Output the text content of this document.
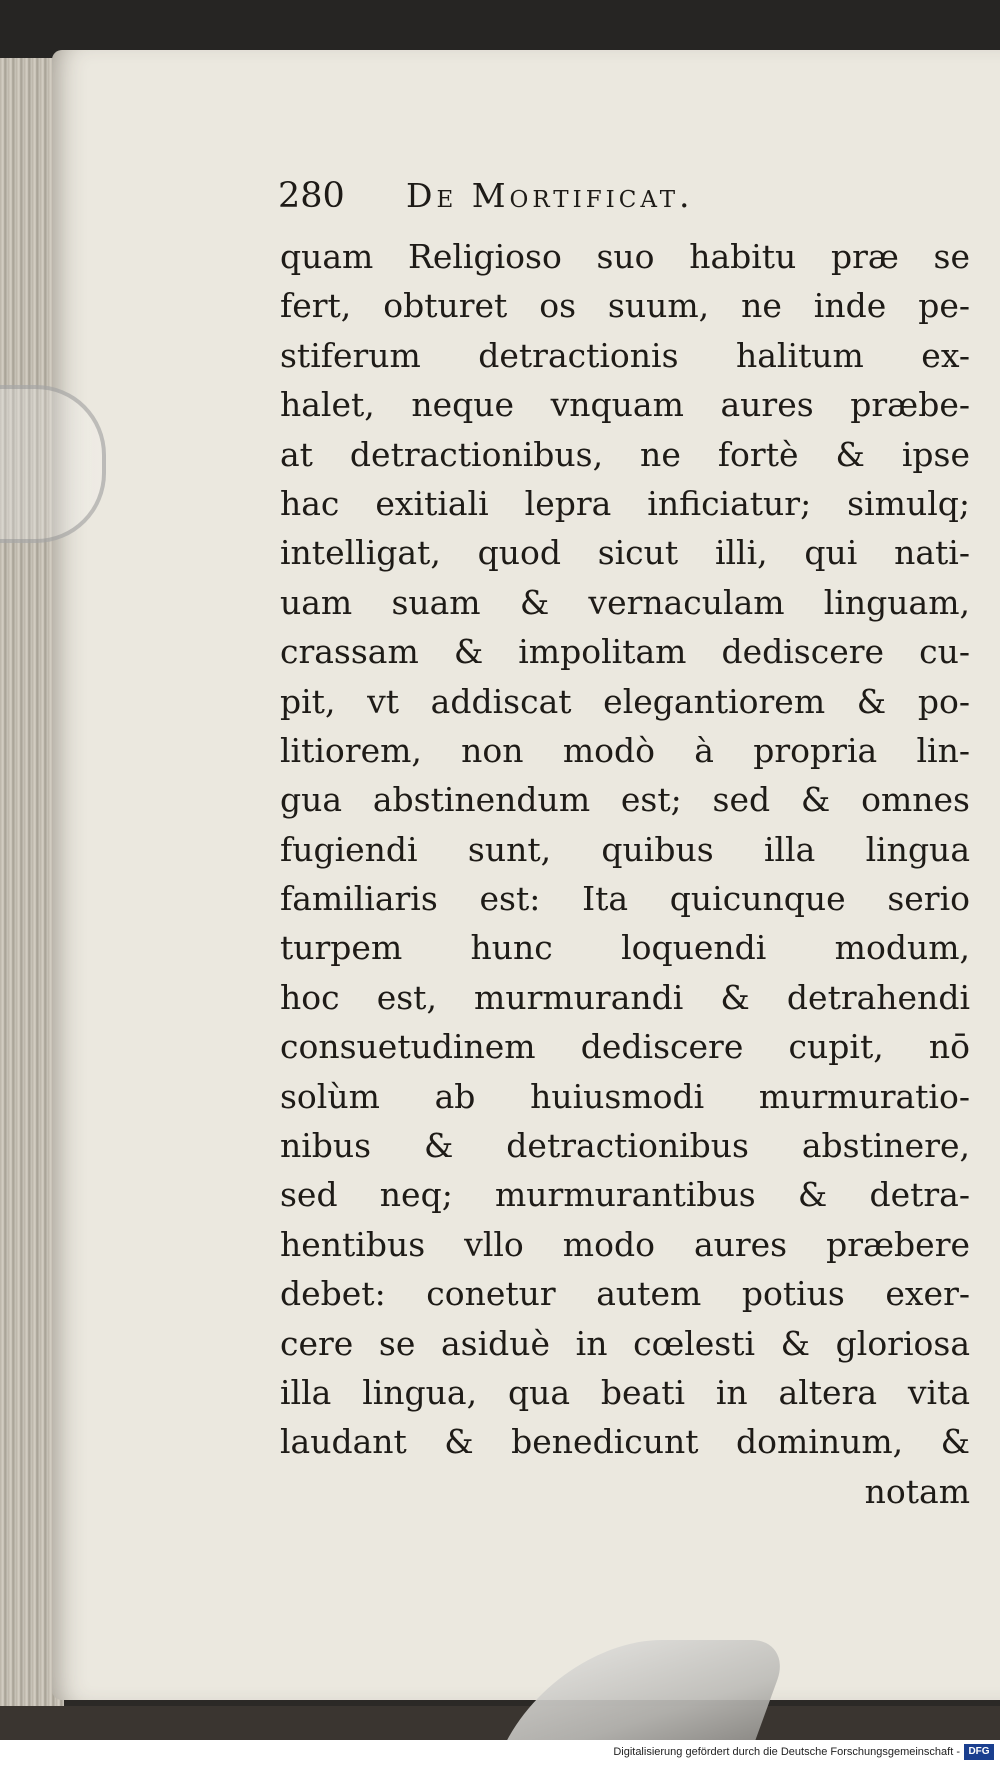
280 De Mortificat.
quam Religioso suo habitu præ se
fert, obturet os suum, ne inde pe-
stiferum detractionis halitum ex-
halet, neque vnquam aures præbe-
at detractionibus, ne fortè & ipse
hac exitiali lepra inficiatur; simulq;
intelligat, quod sicut illi, qui nati-
uam suam & vernaculam linguam,
crassam & impolitam dediscere cu-
pit, vt addiscat elegantiorem & po-
litiorem, non modò à propria lin-
gua abstinendum est; sed & omnes
fugiendi sunt, quibus illa lingua
familiaris est: Ita quicunque serio
turpem hunc loquendi modum,
hoc est, murmurandi & detrahendi
consuetudinem dediscere cupit, nō
solùm ab huiusmodi murmuratio-
nibus & detractionibus abstinere,
sed neq; murmurantibus & detra-
hentibus vllo modo aures præbere
debet: conetur autem potius exer-
cere se asiduè in cœlesti & gloriosa
illa lingua, qua beati in altera vita
laudant & benedicunt dominum, &
notam
Digitalisierung gefördert durch die Deutsche Forschungsgemeinschaft - DFG
